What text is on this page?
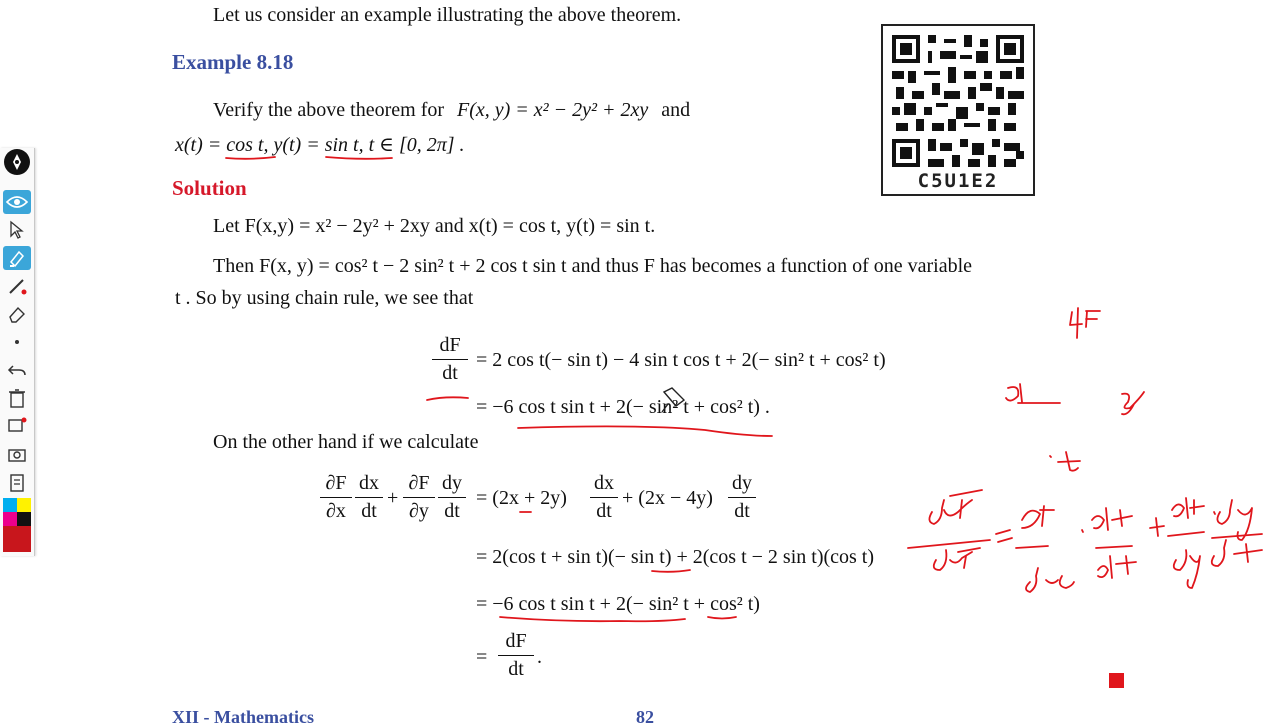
Let us consider an example illustrating the above theorem.
Example 8.18
Verify the above theorem for F(x, y) = x² − 2y² + 2xy and
x(t) = cos t, y(t) = sin t, t ∈ [0, 2π] .
Solution
Let F(x,y) = x² − 2y² + 2xy and x(t) = cos t, y(t) = sin t.
Then F(x, y) = cos² t − 2 sin² t + 2 cos t sin t and thus F has becomes a function of one variable
t . So by using chain rule, we see that
dF
dt
= 2 cos t(− sin t) − 4 sin t cos t + 2(− sin² t + cos² t)
= −6 cos t sin t + 2(− sin² t + cos² t) .
On the other hand if we calculate
∂F
∂x
dx
dt
+
∂F
∂y
dy
dt
= (2x + 2y)
dx
dt
+ (2x − 4y)
dy
dt
= 2(cos t + sin t)(− sin t) + 2(cos t − 2 sin t)(cos t)
= −6 cos t sin t + 2(− sin² t + cos² t)
=
dF
dt
.
XII - Mathematics	82
C5U1E2
